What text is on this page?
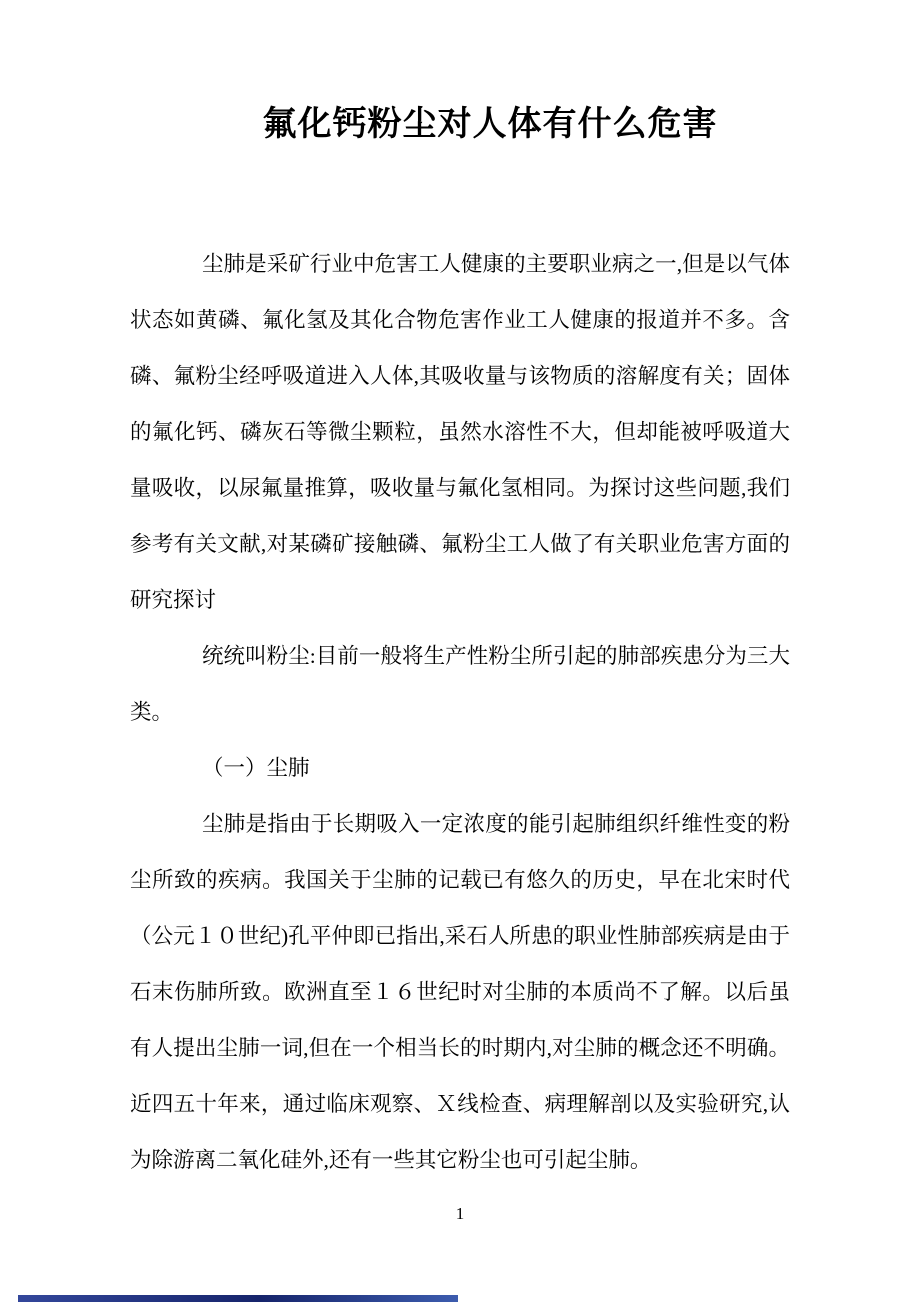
氟化钙粉尘对人体有什么危害

尘肺是采矿行业中危害工人健康的主要职业病之一,但是以气体状态如黄磷、氟化氢及其化合物危害作业工人健康的报道并不多。含磷、氟粉尘经呼吸道进入人体,其吸收量与该物质的溶解度有关；固体的氟化钙、磷灰石等微尘颗粒，虽然水溶性不大，但却能被呼吸道大量吸收，以尿氟量推算，吸收量与氟化氢相同。为探讨这些问题,我们参考有关文献,对某磷矿接触磷、氟粉尘工人做了有关职业危害方面的研究探讨

统统叫粉尘:目前一般将生产性粉尘所引起的肺部疾患分为三大类。

（一）尘肺

尘肺是指由于长期吸入一定浓度的能引起肺组织纤维性变的粉尘所致的疾病。我国关于尘肺的记载已有悠久的历史，早在北宋时代（公元１０世纪)孔平仲即已指出,采石人所患的职业性肺部疾病是由于石末伤肺所致。欧洲直至１６世纪时对尘肺的本质尚不了解。以后虽有人提出尘肺一词,但在一个相当长的时期内,对尘肺的概念还不明确。近四五十年来，通过临床观察、Ｘ线检查、病理解剖以及实验研究,认为除游离二氧化硅外,还有一些其它粉尘也可引起尘肺。

1
